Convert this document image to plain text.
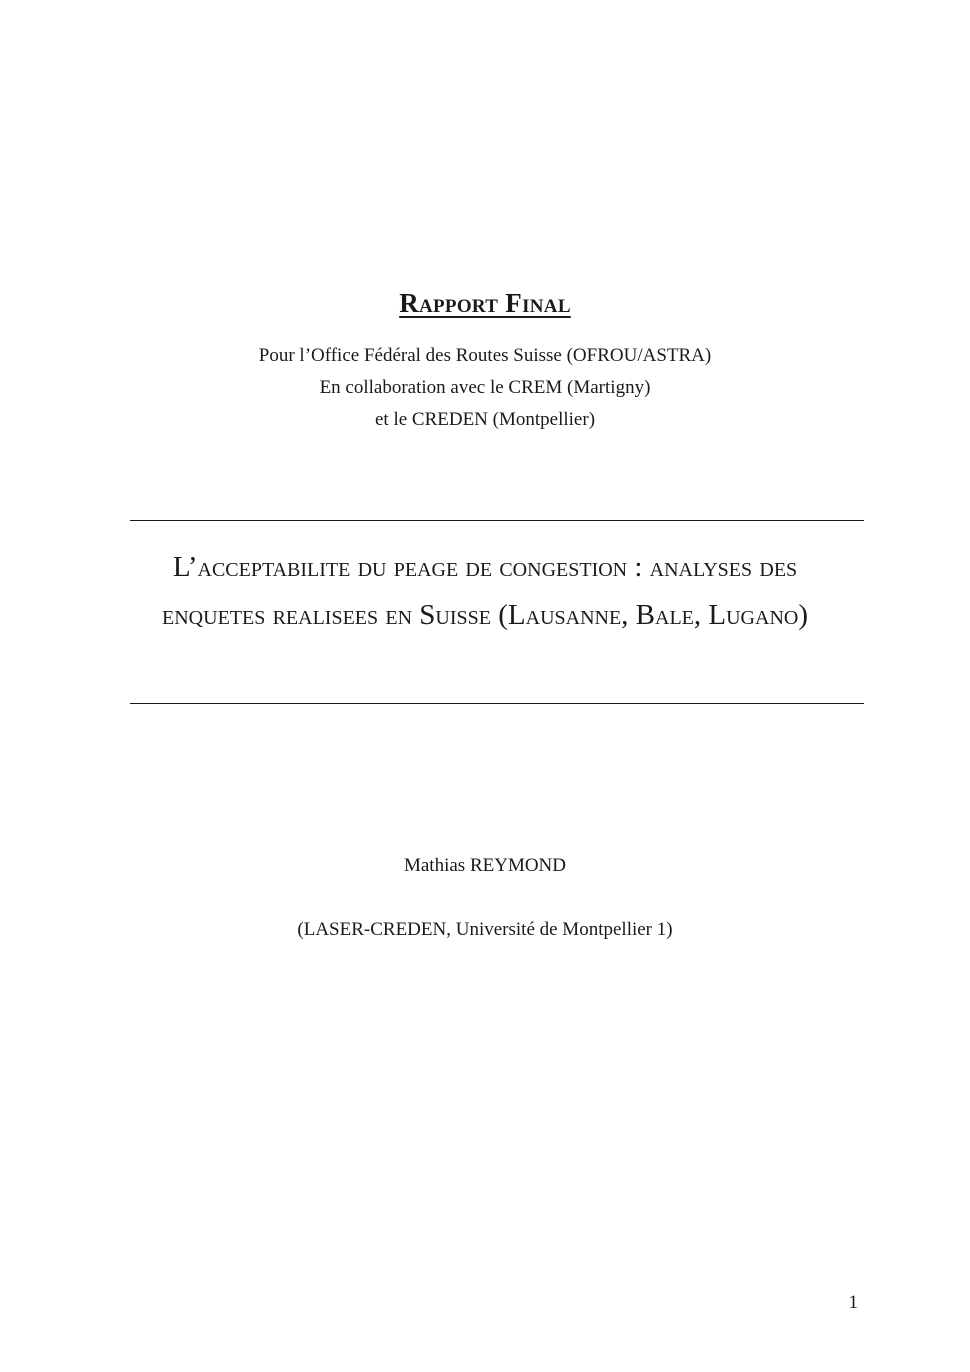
Rapport Final
Pour l’Office Fédéral des Routes Suisse (OFROU/ASTRA)
En collaboration avec le CREM (Martigny)
et le CREDEN (Montpellier)
L’acceptabilite du peage de congestion : analyses des enquetes realisees en Suisse (Lausanne, Bale, Lugano)
Mathias REYMOND
(LASER-CREDEN, Université de Montpellier 1)
1
